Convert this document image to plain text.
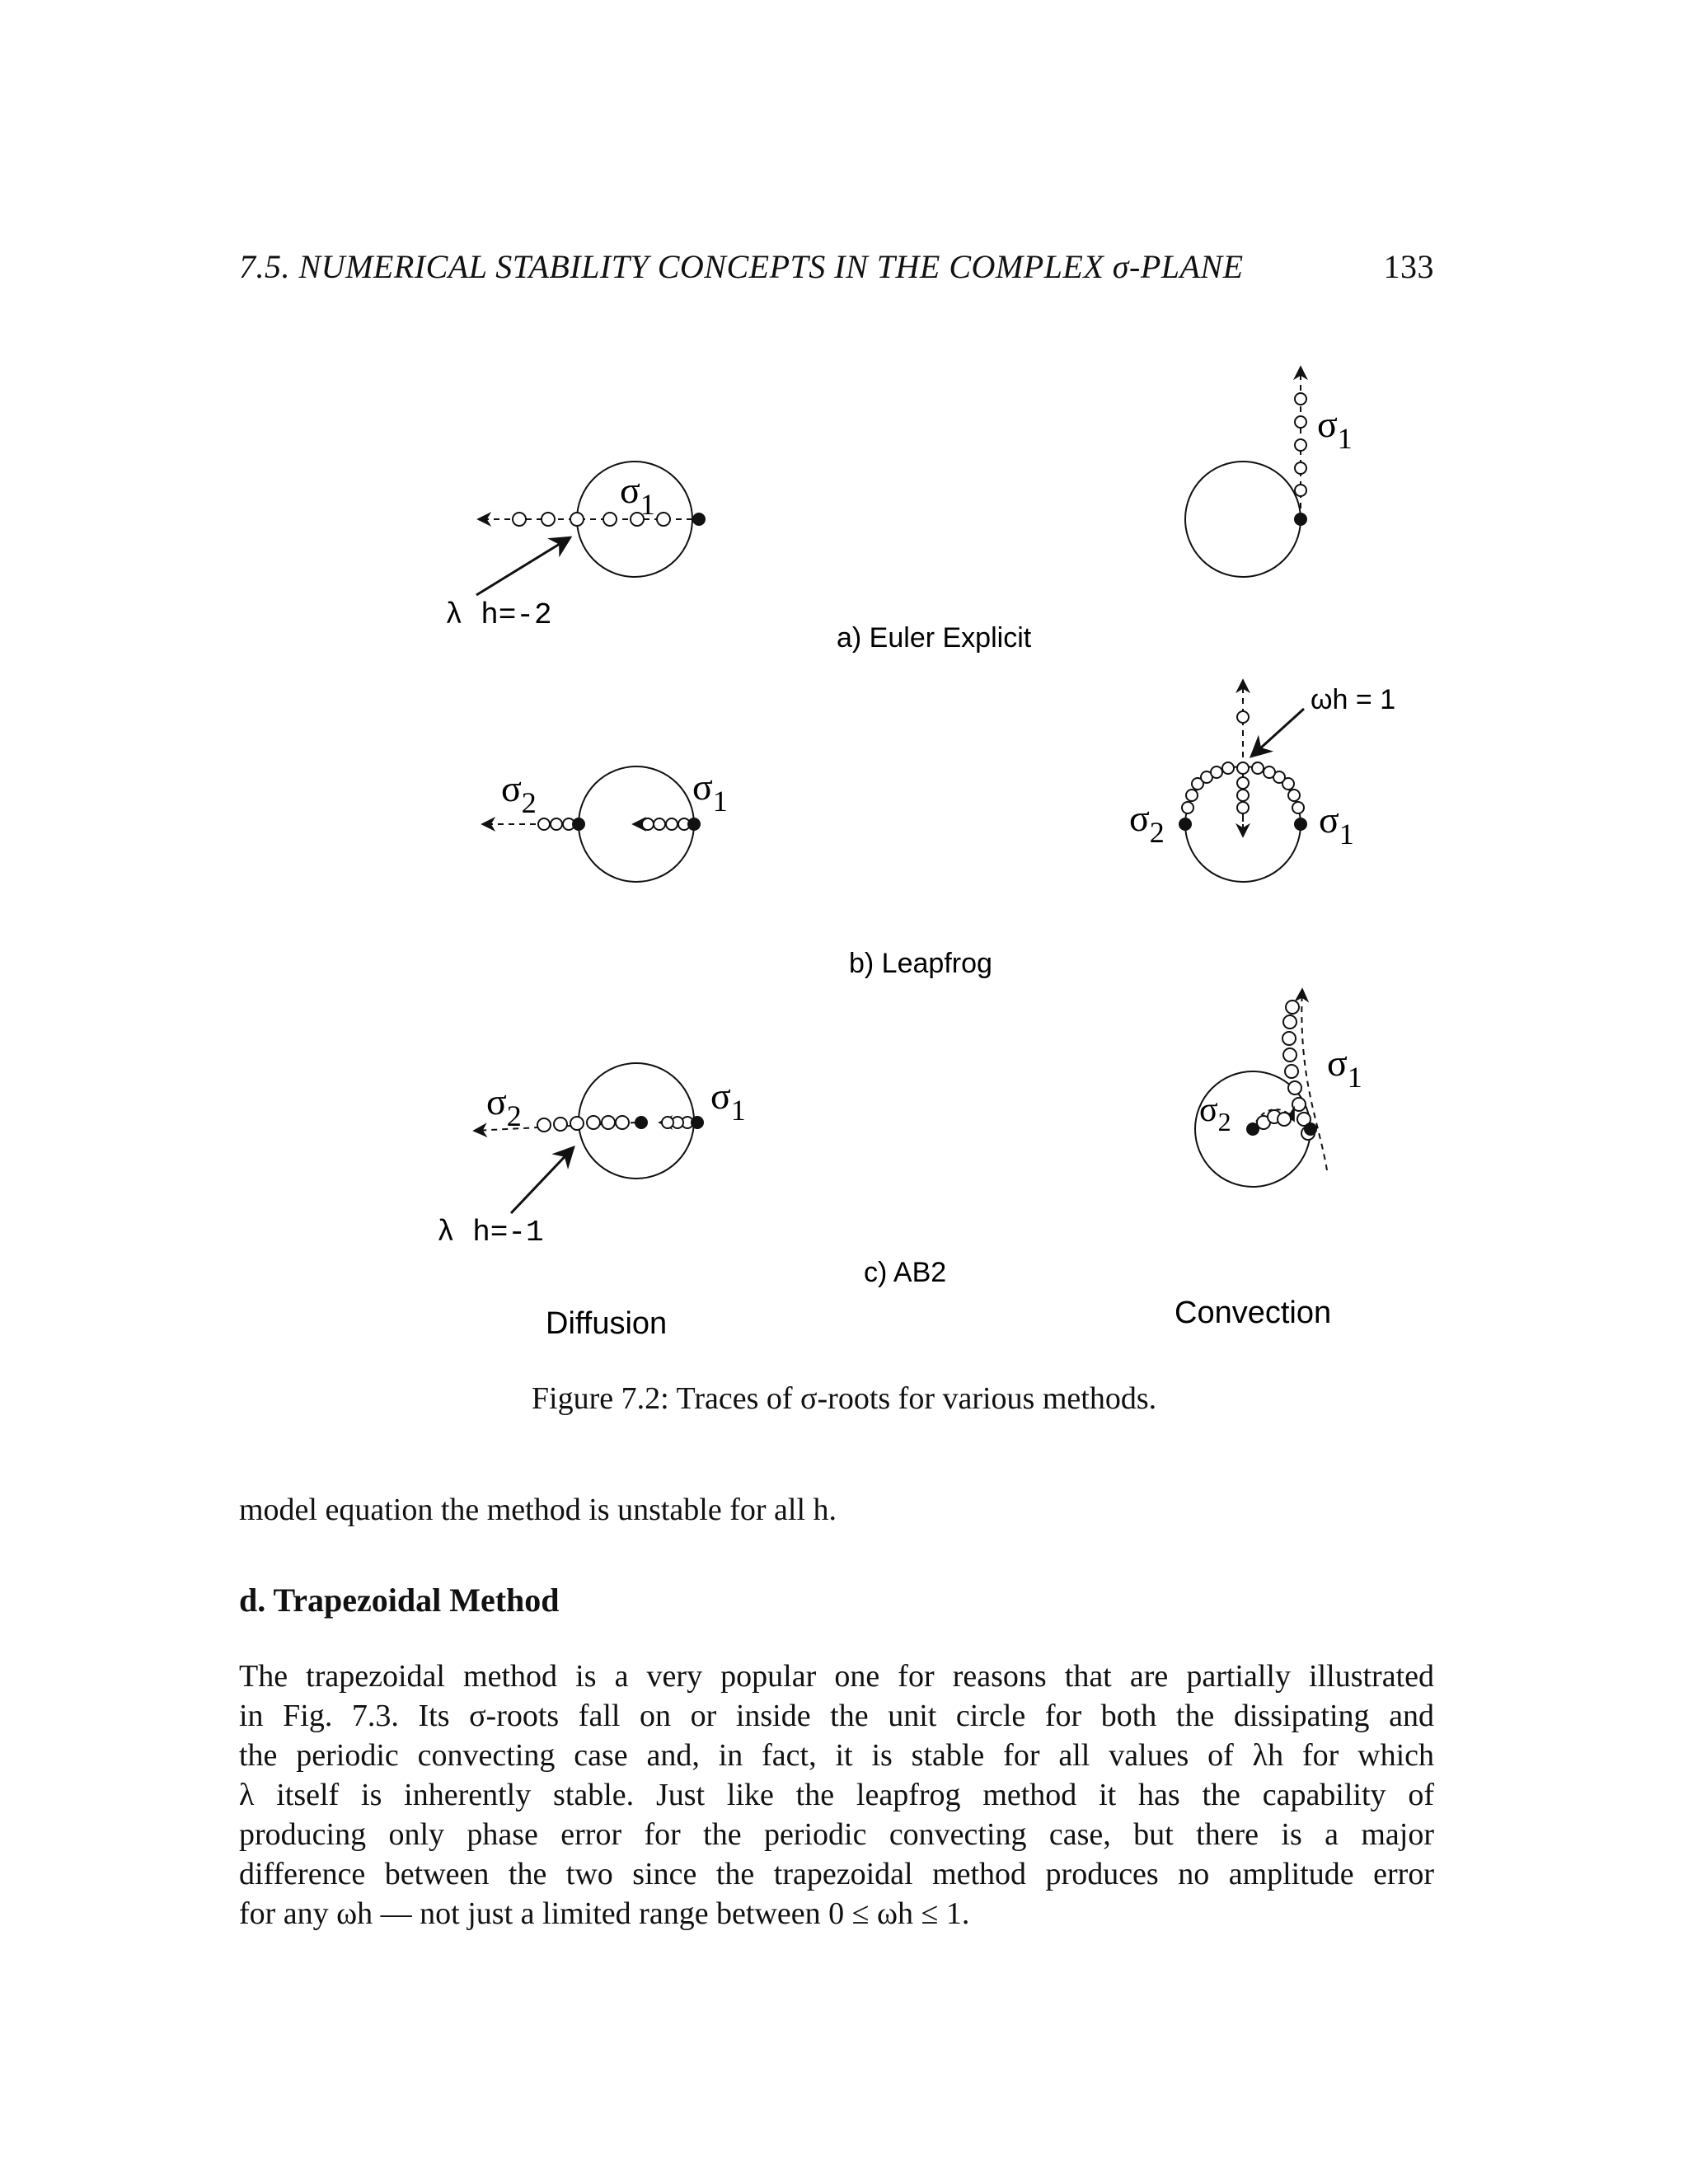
7.5. NUMERICAL STABILITY CONCEPTS IN THE COMPLEX σ-PLANE	133
$\sigma_1$
λ h=-2
$\sigma_1$
a) Euler Explicit
$\sigma_2$	$\sigma_1$
ωh = 1
$\sigma_2$	$\sigma_1$
b) Leapfrog
$\sigma_2$	$\sigma_1$
λ h=-1
$\sigma_2$
$\sigma_1$
c) AB2
Diffusion	Convection
Figure 7.2: Traces of σ-roots for various methods.
model equation the method is unstable for all h.
d. Trapezoidal Method
The trapezoidal method is a very popular one for reasons that are partially illustrated
in Fig. 7.3. Its σ-roots fall on or inside the unit circle for both the dissipating and
the periodic convecting case and, in fact, it is stable for all values of λh for which
λ itself is inherently stable. Just like the leapfrog method it has the capability of
producing only phase error for the periodic convecting case, but there is a major
difference between the two since the trapezoidal method produces no amplitude error
for any ωh — not just a limited range between 0 ≤ ωh ≤ 1.
